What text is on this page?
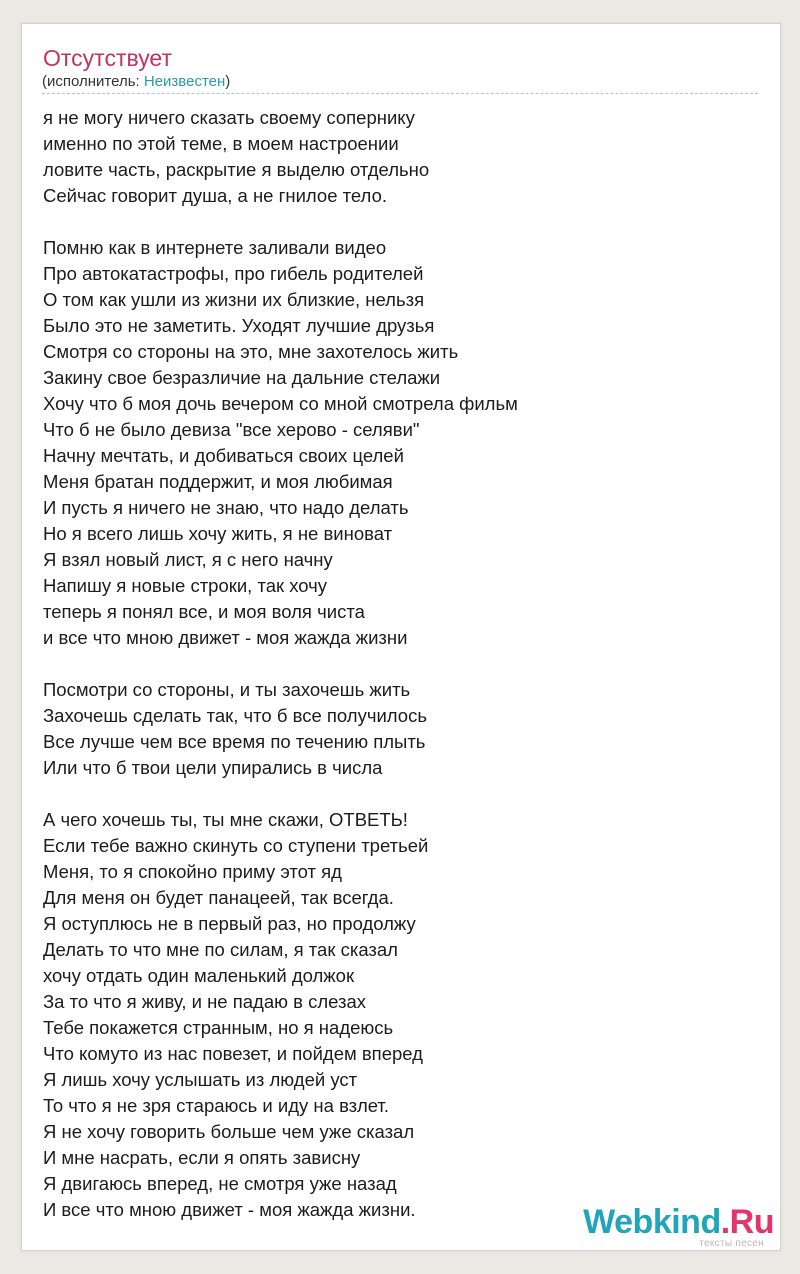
Отсутствует
(исполнитель: Неизвестен)
я не могу ничего сказать своему сопернику
именно по этой теме, в моем настроении
ловите часть, раскрытие я выделю отдельно
Сейчас говорит душа, а не гнилое тело.
Помню как в интернете заливали видео
Про автокатастрофы, про гибель родителей
О том как ушли из жизни их близкие, нельзя
Было это не заметить. Уходят лучшие друзья
Смотря со стороны на это, мне захотелось жить
Закину свое безразличие на дальние стелажи
Хочу что б моя дочь вечером со мной смотрела фильм
Что б не было девиза "все херово - селяви"
Начну мечтать, и добиваться своих целей
Меня братан поддержит, и моя любимая
И пусть я ничего не знаю, что надо делать
Но я всего лишь хочу жить, я не виноват
Я взял новый лист, я с него начну
Напишу я новые строки, так хочу
теперь я понял все, и моя воля чиста
и все что мною движет - моя жажда жизни
Посмотри со стороны, и ты захочешь жить
Захочешь сделать так, что б все получилось
Все лучше чем все время по течению плыть
Или что б твои цели упирались в числа
А чего хочешь ты, ты мне скажи, ОТВЕТЬ!
Если тебе важно скинуть со ступени третьей
Меня, то я спокойно приму этот яд
Для меня он будет панацеей, так всегда.
Я оступлюсь не в первый раз, но продолжу
Делать то что мне по силам, я так сказал
хочу отдать один маленький должок
За то что я живу, и не падаю в слезах
Тебе покажется странным, но я надеюсь
Что комуто из нас повезет, и пойдем вперед
Я лишь хочу услышать из людей уст
То что я не зря стараюсь и иду на взлет.
Я не хочу говорить больше чем уже сказал
И мне насрать, если я опять зависну
Я двигаюсь вперед, не смотря уже назад
И все что мною движет - моя жажда жизни.	Webkind.Ru
тексты песен
